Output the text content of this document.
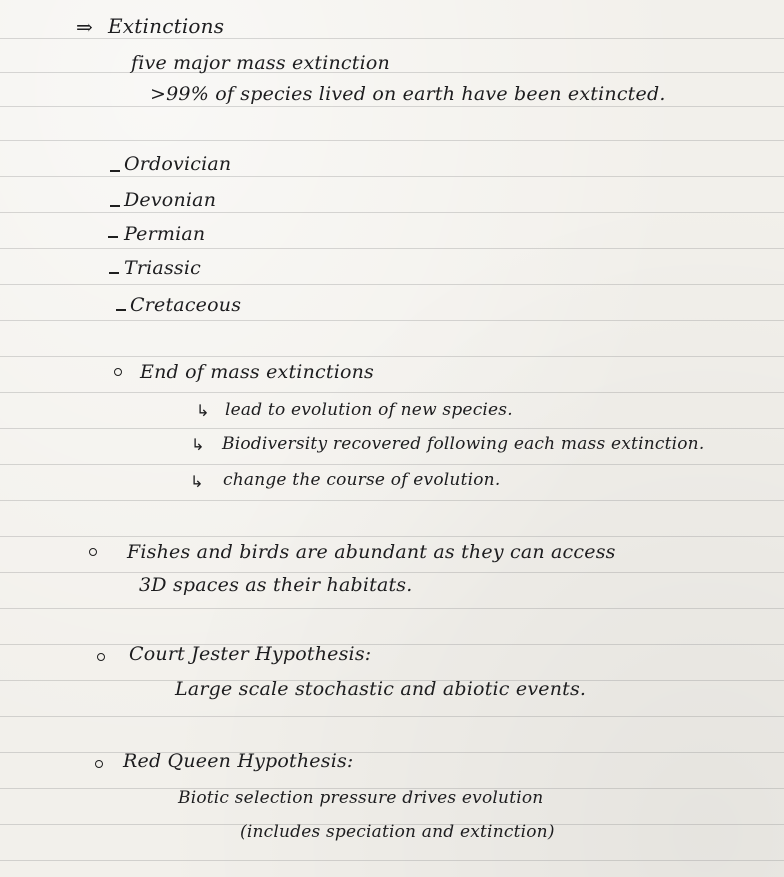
⇒ Extinctions
five major mass extinction
>99% of species lived on earth have been extincted.
Ordovician
Devonian
Permian
Triassic
Cretaceous
End of mass extinctions
↳ lead to evolution of new species.
↳ Biodiversity recovered following each mass extinction.
↳ change the course of evolution.
Fishes and birds are abundant as they can access
3D spaces as their habitats.
Court Jester Hypothesis:
Large scale stochastic and abiotic events.
Red Queen Hypothesis:
Biotic selection pressure drives evolution
(includes speciation and extinction)
